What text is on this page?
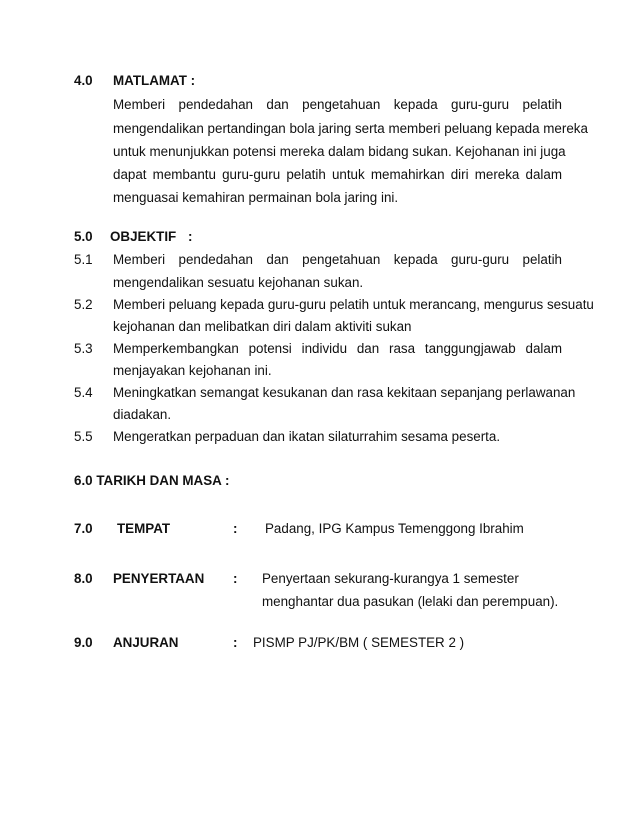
4.0 MATLAMAT :
Memberi pendedahan dan pengetahuan kepada guru-guru pelatih
mengendalikan pertandingan bola jaring serta memberi peluang kepada mereka
untuk menunjukkan potensi mereka dalam bidang sukan. Kejohanan ini juga
dapat membantu guru-guru pelatih untuk memahirkan diri mereka dalam
menguasai kemahiran permainan bola jaring ini.
5.0 OBJEKTIF :
5.1 Memberi pendedahan dan pengetahuan kepada guru-guru pelatih
mengendalikan sesuatu kejohanan sukan.
5.2 Memberi peluang kepada guru-guru pelatih untuk merancang, mengurus sesuatu
kejohanan dan melibatkan diri dalam aktiviti sukan
5.3 Memperkembangkan potensi individu dan rasa tanggungjawab dalam
menjayakan kejohanan ini.
5.4 Meningkatkan semangat kesukanan dan rasa kekitaan sepanjang perlawanan
diadakan.
5.5 Mengeratkan perpaduan dan ikatan silaturrahim sesama peserta.
6.0 TARIKH DAN MASA :
7.0 TEMPAT	: Padang, IPG Kampus Temenggong Ibrahim
8.0 PENYERTAAN : Penyertaan sekurang-kurangya 1 semester
menghantar dua pasukan (lelaki dan perempuan).
9.0 ANJURAN	: PISMP PJ/PK/BM ( SEMESTER 2 )
